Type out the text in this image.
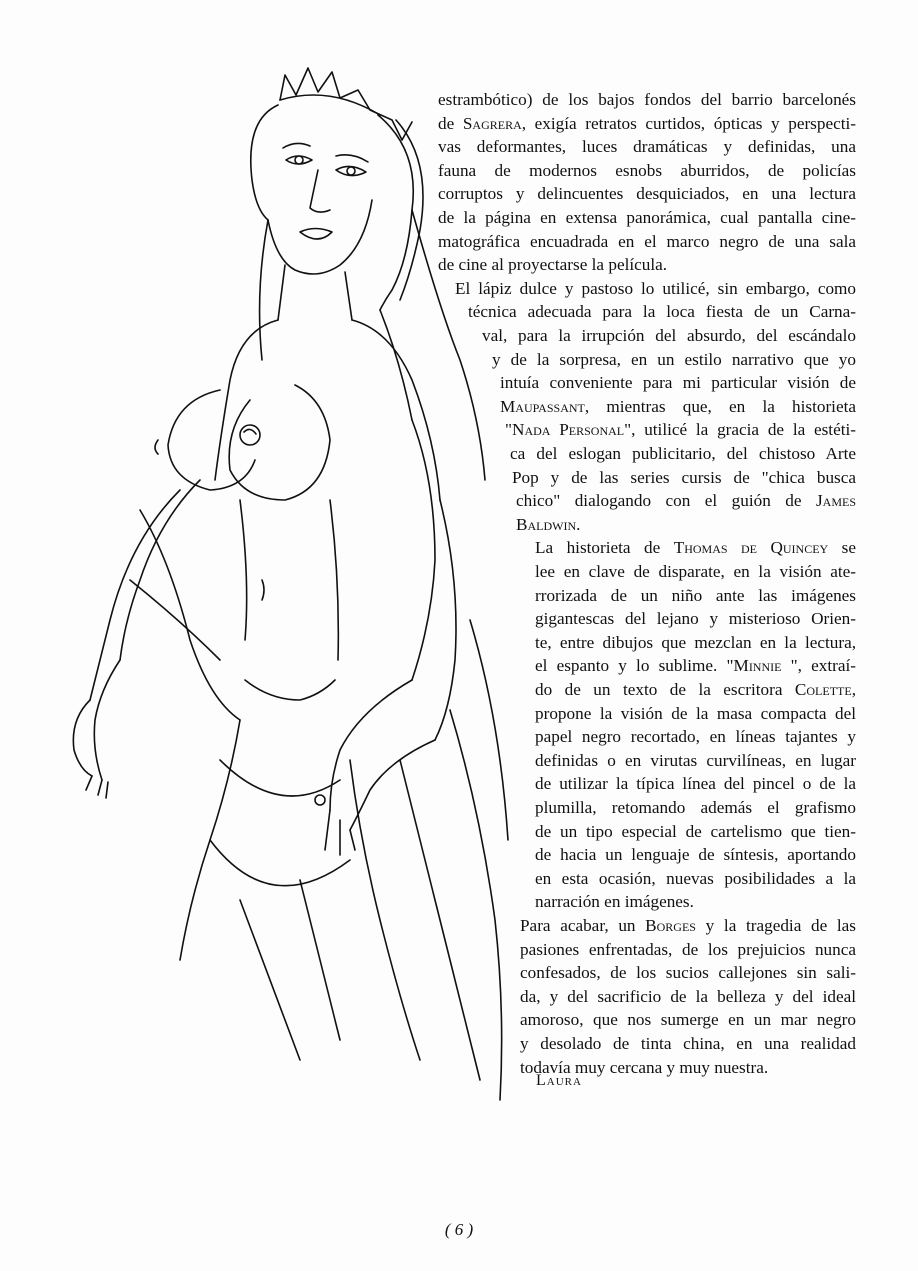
estrambótico) de los bajos fondos del barrio barcelonés
de Sagrera, exigía retratos curtidos, ópticas y perspecti-
vas deformantes, luces dramáticas y definidas, una
fauna de modernos esnobs aburridos, de policías
corruptos y delincuentes desquiciados, en una lectura
de la página en extensa panorámica, cual pantalla cine-
matográfica encuadrada en el marco negro de una sala
de cine al proyectarse la película.
El lápiz dulce y pastoso lo utilicé, sin embargo, como
técnica adecuada para la loca fiesta de un Carna-
val, para la irrupción del absurdo, del escándalo
y de la sorpresa, en un estilo narrativo que yo
intuía conveniente para mi particular visión de
Maupassant, mientras que, en la historieta
"Nada Personal", utilicé la gracia de la estéti-
ca del eslogan publicitario, del chistoso Arte
Pop y de las series cursis de "chica busca
chico" dialogando con el guión de James
Baldwin.
La historieta de Thomas de Quincey se
lee en clave de disparate, en la visión ate-
rrorizada de un niño ante las imágenes
gigantescas del lejano y misterioso Orien-
te, entre dibujos que mezclan en la lectura,
el espanto y lo sublime. "Minnie ", extraí-
do de un texto de la escritora Colette,
propone la visión de la masa compacta del
papel negro recortado, en líneas tajantes y
definidas o en virutas curvilíneas, en lugar
de utilizar la típica línea del pincel o de la
plumilla, retomando además el grafismo
de un tipo especial de cartelismo que tien-
de hacia un lenguaje de síntesis, aportando
en esta ocasión, nuevas posibilidades a la
narración en imágenes.
Para acabar, un Borges y la tragedia de las
pasiones enfrentadas, de los prejuicios nunca
confesados, de los sucios callejones sin sali-
da, y del sacrificio de la belleza y del ideal
amoroso, que nos sumerge en un mar negro
y desolado de tinta china, en una realidad
todavía muy cercana y muy nuestra.
Laura
( 6 )
